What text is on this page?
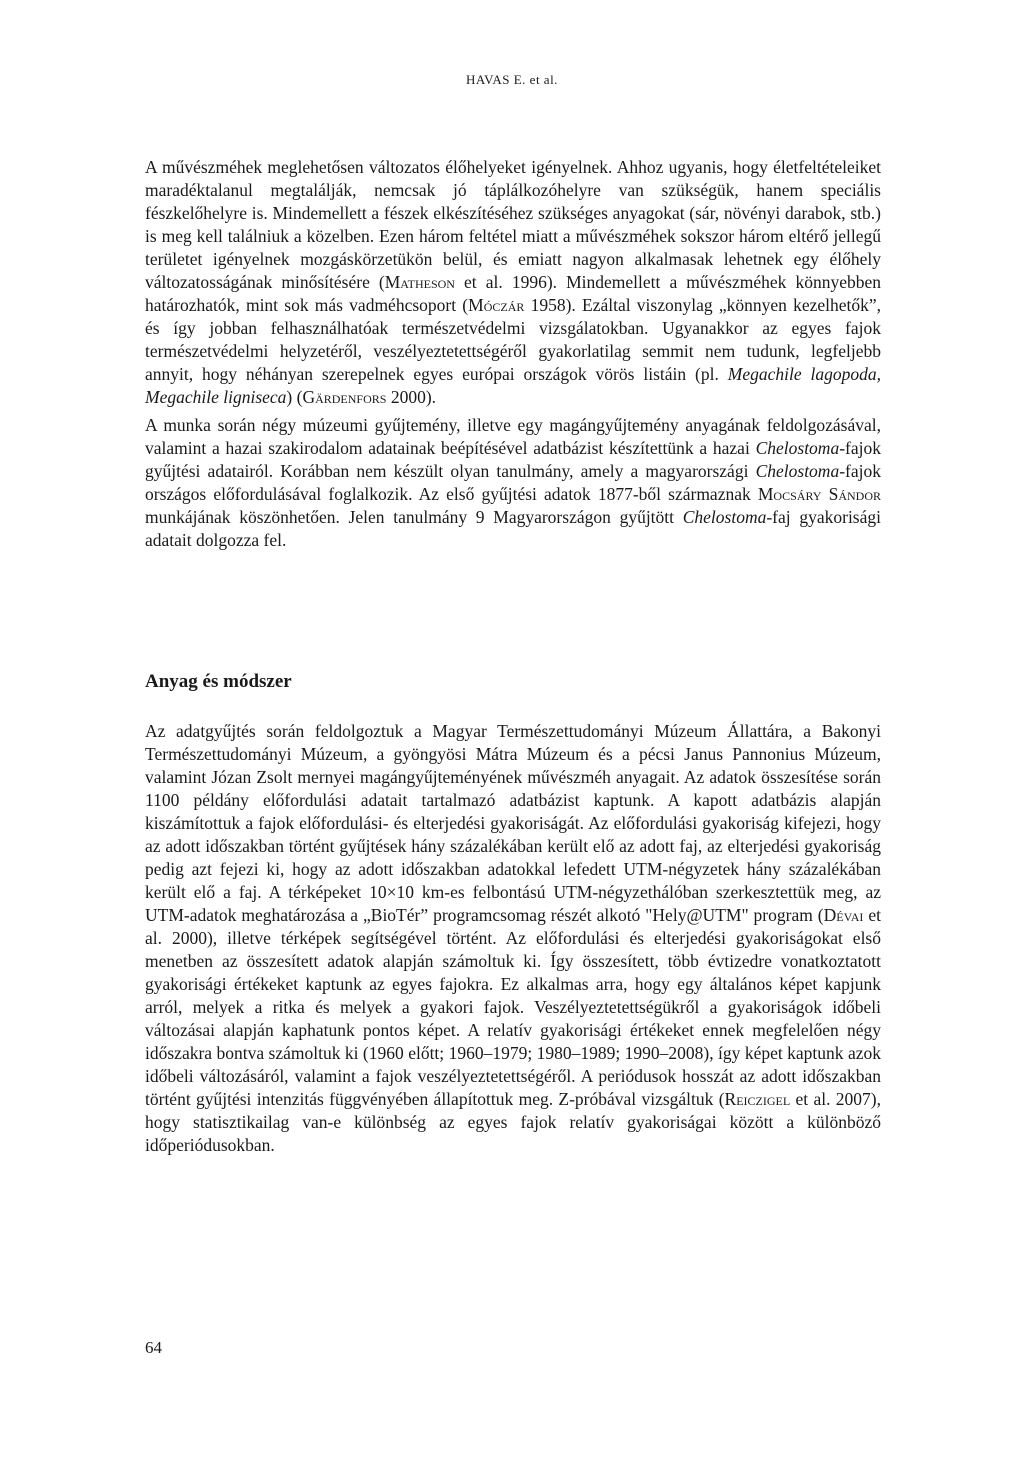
HAVAS E. et al.

A művészméhek meglehetősen változatos élőhelyeket igényelnek. Ahhoz ugyanis, hogy életfeltételeiket maradéktalanul megtalálják, nemcsak jó táplálkozóhelyre van szükségük, hanem speciális fészkelőhelyre is. Mindemellett a fészek elkészítéséhez szükséges anyagokat (sár, növényi darabok, stb.) is meg kell találniuk a közelben. Ezen három feltétel miatt a művészméhek sokszor három eltérő jellegű területet igényelnek mozgáskörzetükön belül, és emiatt nagyon alkalmasak lehetnek egy élőhely változatosságának minősítésére (Matheson et al. 1996). Mindemellett a művészméhek könnyebben határozhatók, mint sok más vadméhcsoport (Móczár 1958). Ezáltal viszonylag „könnyen kezelhetők”, és így jobban felhasználhatóak természetvédelmi vizsgálatokban. Ugyanakkor az egyes fajok természetvédelmi helyzetéről, veszélyeztetettségéről gyakorlatilag semmit nem tudunk, legfeljebb annyit, hogy néhányan szerepelnek egyes európai országok vörös listáin (pl. Megachile lagopoda, Megachile ligniseca) (Gärdenfors 2000).

A munka során négy múzeumi gyűjtemény, illetve egy magángyűjtemény anyagának feldolgozásával, valamint a hazai szakirodalom adatainak beépítésével adatbázist készítettünk a hazai Chelostoma-fajok gyűjtési adatairól. Korábban nem készült olyan tanulmány, amely a magyarországi Chelostoma-fajok országos előfordulásával foglalkozik. Az első gyűjtési adatok 1877-ből származnak Mocsáry Sándor munkájának köszönhetően. Jelen tanulmány 9 Magyarországon gyűjtött Chelostoma-faj gyakorisági adatait dolgozza fel.

Anyag és módszer

Az adatgyűjtés során feldolgoztuk a Magyar Természettudományi Múzeum Állattára, a Bakonyi Természettudományi Múzeum, a gyöngyösi Mátra Múzeum és a pécsi Janus Pannonius Múzeum, valamint Józan Zsolt mernyei magángyűjteményének művészméh anyagait. Az adatok összesítése során 1100 példány előfordulási adatait tartalmazó adatbázist kaptunk. A kapott adatbázis alapján kiszámítottuk a fajok előfordulási- és elterjedési gyakoriságát. Az előfordulási gyakoriság kifejezi, hogy az adott időszakban történt gyűjtések hány százalékában került elő az adott faj, az elterjedési gyakoriság pedig azt fejezi ki, hogy az adott időszakban adatokkal lefedett UTM-négyzetek hány százalékában került elő a faj. A térképeket 10×10 km-es felbontású UTM-négyzethálóban szerkesztettük meg, az UTM-adatok meghatározása a „BioTér” programcsomag részét alkotó "Hely@UTM" program (Dévai et al. 2000), illetve térképek segítségével történt. Az előfordulási és elterjedési gyakoriságokat első menetben az összesített adatok alapján számoltuk ki. Így összesített, több évtizedre vonatkoztatott gyakorisági értékeket kaptunk az egyes fajokra. Ez alkalmas arra, hogy egy általános képet kapjunk arról, melyek a ritka és melyek a gyakori fajok. Veszélyeztetettségükről a gyakoriságok időbeli változásai alapján kaphatunk pontos képet. A relatív gyakorisági értékeket ennek megfelelően négy időszakra bontva számoltuk ki (1960 előtt; 1960–1979; 1980–1989; 1990–2008), így képet kaptunk azok időbeli változásáról, valamint a fajok veszélyeztetettségéről. A periódusok hosszát az adott időszakban történt gyűjtési intenzitás függvényében állapítottuk meg. Z-próbával vizsgáltuk (Reiczigel et al. 2007), hogy statisztikailag van-e különbség az egyes fajok relatív gyakoriságai között a különböző időperiódusokban.

64
